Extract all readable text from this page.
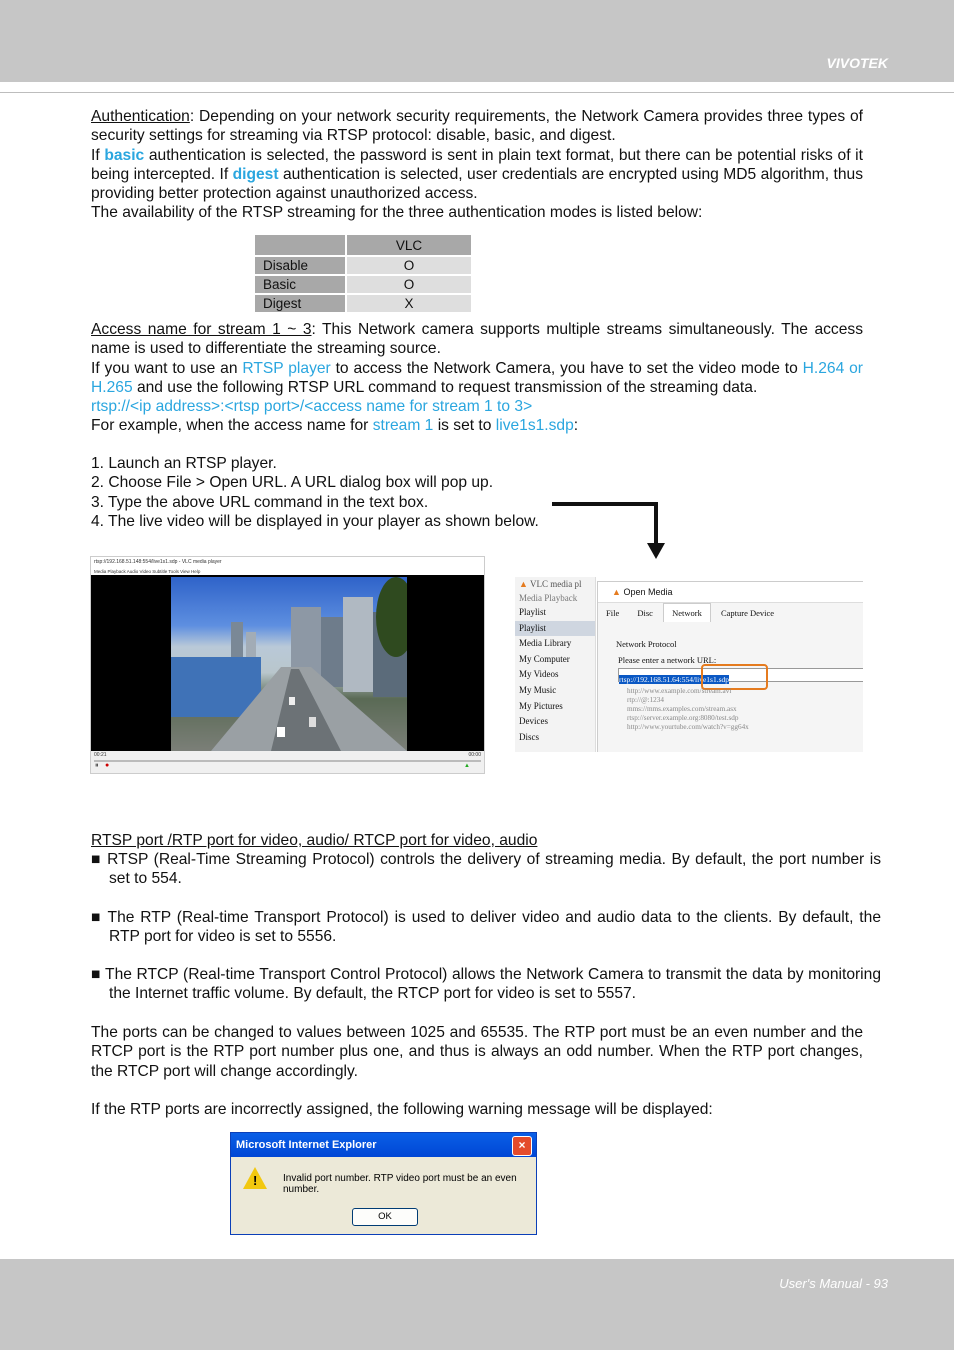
VIVOTEK

Authentication: Depending on your network security requirements, the Network Camera provides three types of security settings for streaming via RTSP protocol: disable, basic, and digest.
If basic authentication is selected, the password is sent in plain text format, but there can be potential risks of it being intercepted. If digest authentication is selected, user credentials are encrypted using MD5 algorithm, thus providing better protection against unauthorized access.
The availability of the RTSP streaming for the three authentication modes is listed below:

	VLC
Disable	O
Basic	O
Digest	X

Access name for stream 1 ~ 3: This Network camera supports multiple streams simultaneously. The access name is used to differentiate the streaming source.
If you want to use an RTSP player to access the Network Camera, you have to set the video mode to H.264 or H.265 and use the following RTSP URL command to request transmission of the streaming data.
rtsp://<ip address>:<rtsp port>/<access name for stream 1 to 3>
For example, when the access name for stream 1 is set to live1s1.sdp:

1. Launch an RTSP player.
2. Choose File > Open URL. A URL dialog box will pop up.
3. Type the above URL command in the text box.
4. The live video will be displayed in your player as shown below.

rtsp://192.168.51.148:554/live1s1.sdp - VLC media player
Media Playback Audio Video Subtitle Tools View Help
00:21	00:00
⏸ ●	▲
▲ VLC media pl
Media Playback
Playlist
Playlist
Media Library
My Computer
My Videos
My Music
My Pictures
Devices
Discs
▲ Open Media
File Disc Network Capture Device
Network Protocol
Please enter a network URL:
rtsp://192.168.51.64:554/live1s1.sdp
http://www.example.com/stream.avi
rtp://@:1234
mms://mms.examples.com/stream.asx
rtsp://server.example.org:8080/test.sdp
http://www.yourtube.com/watch?v=gg64x

RTSP port /RTP port for video, audio/ RTCP port for video, audio

■ RTSP (Real-Time Streaming Protocol) controls the delivery of streaming media. By default, the port number is set to 554.

■ The RTP (Real-time Transport Protocol) is used to deliver video and audio data to the clients. By default, the RTP port for video is set to 5556.

■ The RTCP (Real-time Transport Control Protocol) allows the Network Camera to transmit the data by monitoring the Internet traffic volume. By default, the RTCP port for video is set to 5557.

The ports can be changed to values between 1025 and 65535. The RTP port must be an even number and the RTCP port is the RTP port number plus one, and thus is always an odd number. When the RTP port changes, the RTCP port will change accordingly.

If the RTP ports are incorrectly assigned, the following warning message will be displayed:

Microsoft Internet Explorer	×
!	Invalid port number. RTP video port must be an even number.
OK
User's Manual - 93
